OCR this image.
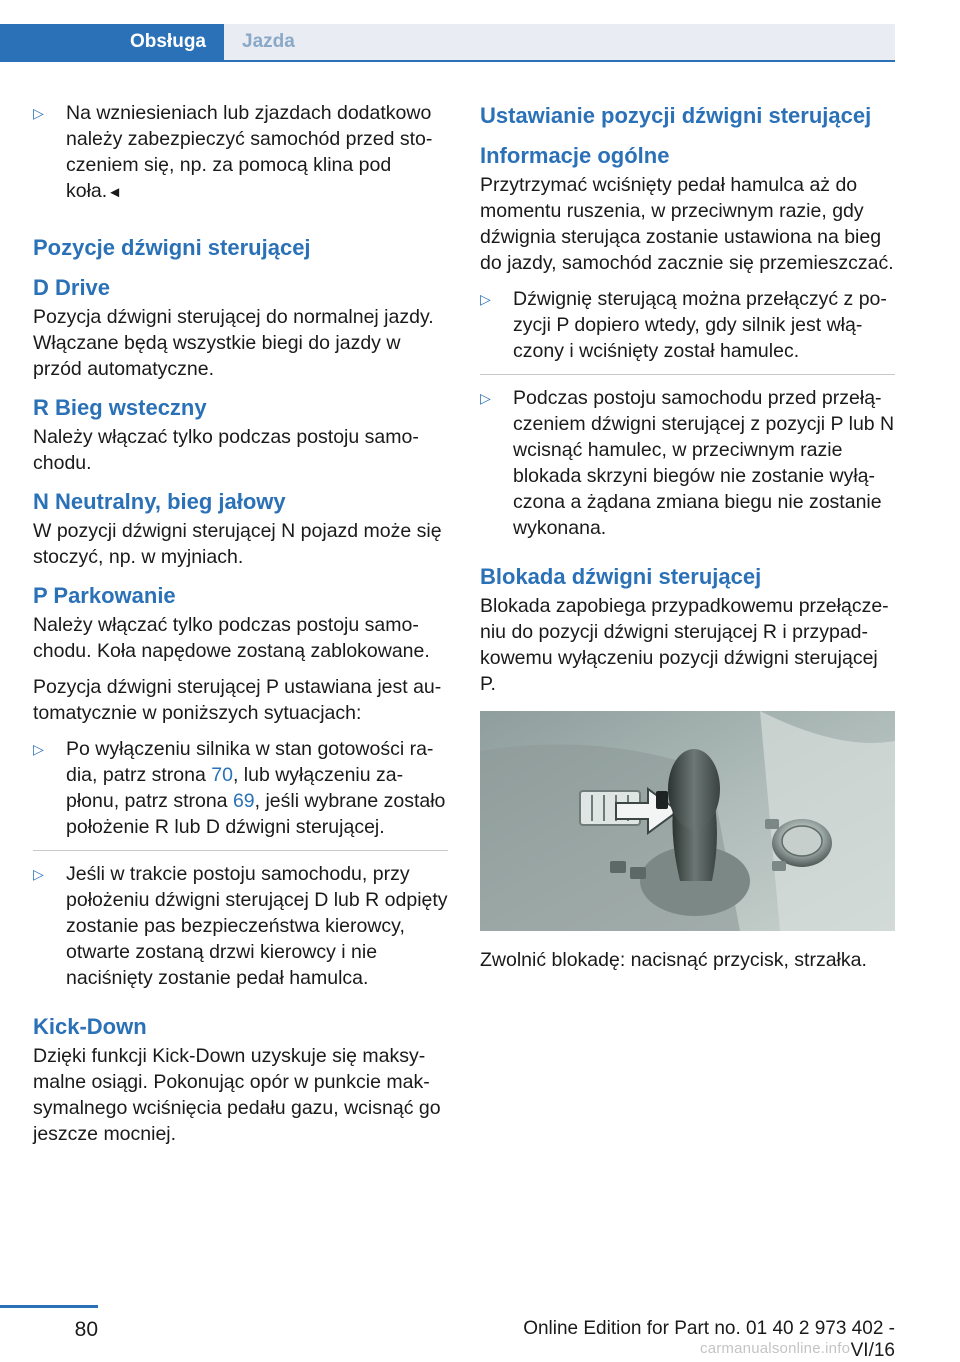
Obsługa	Jazda
▷	Na wzniesieniach lub zjazdach dodatkowo należy zabezpieczyć samochód przed stoczeniem się, np. za pomocą klina pod koła.◄
Pozycje dźwigni sterującej
D Drive

Pozycja dźwigni sterującej do normalnej jazdy. Włączane będą wszystkie biegi do jazdy w przód automatyczne.

R Bieg wsteczny

Należy włączać tylko podczas postoju samochodu.

N Neutralny, bieg jałowy

W pozycji dźwigni sterującej N pojazd może się stoczyć, np. w myjniach.

P Parkowanie

Należy włączać tylko podczas postoju samochodu. Koła napędowe zostaną zablokowane.

Pozycja dźwigni sterującej P ustawiana jest automatycznie w poniższych sytuacjach:

▷	Po wyłączeniu silnika w stan gotowości radia, patrz strona 70, lub wyłączeniu zapłonu, patrz strona 69, jeśli wybrane zostało położenie R lub D dźwigni sterującej.
▷	Jeśli w trakcie postoju samochodu, przy położeniu dźwigni sterującej D lub R odpięty zostanie pas bezpieczeństwa kierowcy, otwarte zostaną drzwi kierowcy i nie naciśnięty zostanie pedał hamulca.
Kick-Down

Dzięki funkcji Kick-Down uzyskuje się maksymalne osiągi. Pokonując opór w punkcie maksymalnego wciśnięcia pedału gazu, wcisnąć go jeszcze mocniej.

Ustawianie pozycji dźwigni sterującej
Informacje ogólne

Przytrzymać wciśnięty pedał hamulca aż do momentu ruszenia, w przeciwnym razie, gdy dźwignia sterująca zostanie ustawiona na bieg do jazdy, samochód zacznie się przemieszczać.

▷	Dźwignię sterującą można przełączyć z pozycji P dopiero wtedy, gdy silnik jest włączony i wciśnięty został hamulec.
▷	Podczas postoju samochodu przed przełączeniem dźwigni sterującej z pozycji P lub N wcisnąć hamulec, w przeciwnym razie blokada skrzyni biegów nie zostanie wyłączona a żądana zmiana biegu nie zostanie wykonana.
Blokada dźwigni sterującej

Blokada zapobiega przypadkowemu przełączeniu do pozycji dźwigni sterującej R i przypadkowemu wyłączeniu pozycji dźwigni sterującej P.

Zwolnić blokadę: nacisnąć przycisk, strzałka.

80	Online Edition for Part no. 01 40 2 973 402 - VI/16
carmanualsonline.info
